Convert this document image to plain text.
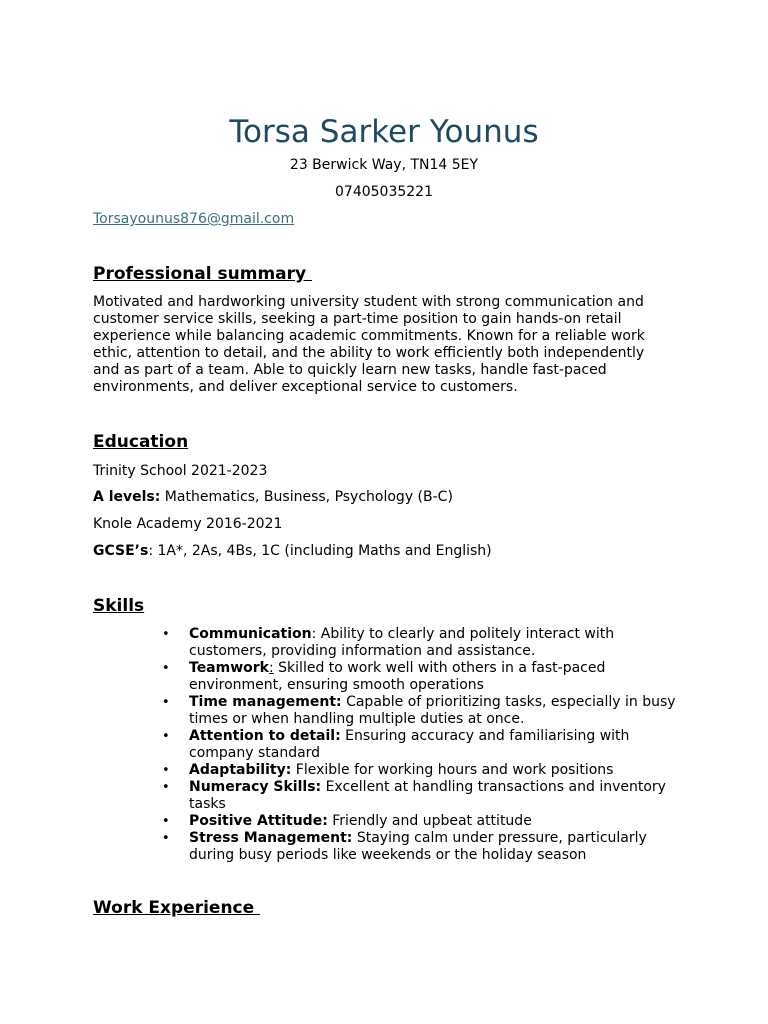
Torsa Sarker Younus

23 Berwick Way, TN14 5EY

07405035221

Torsayounus876@gmail.com
Professional summary

Motivated and hardworking university student with strong communication and customer service skills, seeking a part-time position to gain hands-on retail experience while balancing academic commitments. Known for a reliable work ethic, attention to detail, and the ability to work efficiently both independently and as part of a team. Able to quickly learn new tasks, handle fast-paced environments, and deliver exceptional service to customers.

Education

Trinity School 2021-2023

A levels: Mathematics, Business, Psychology (B-C)

Knole Academy 2016-2021

GCSE’s: 1A*, 2As, 4Bs, 1C (including Maths and English)

Skills
• Communication: Ability to clearly and politely interact with customers, providing information and assistance.
• Teamwork: Skilled to work well with others in a fast-paced environment, ensuring smooth operations
• Time management: Capable of prioritizing tasks, especially in busy times or when handling multiple duties at once.
• Attention to detail: Ensuring accuracy and familiarising with company standard
• Adaptability: Flexible for working hours and work positions
• Numeracy Skills: Excellent at handling transactions and inventory tasks
• Positive Attitude: Friendly and upbeat attitude
• Stress Management: Staying calm under pressure, particularly during busy periods like weekends or the holiday season
Work Experience
